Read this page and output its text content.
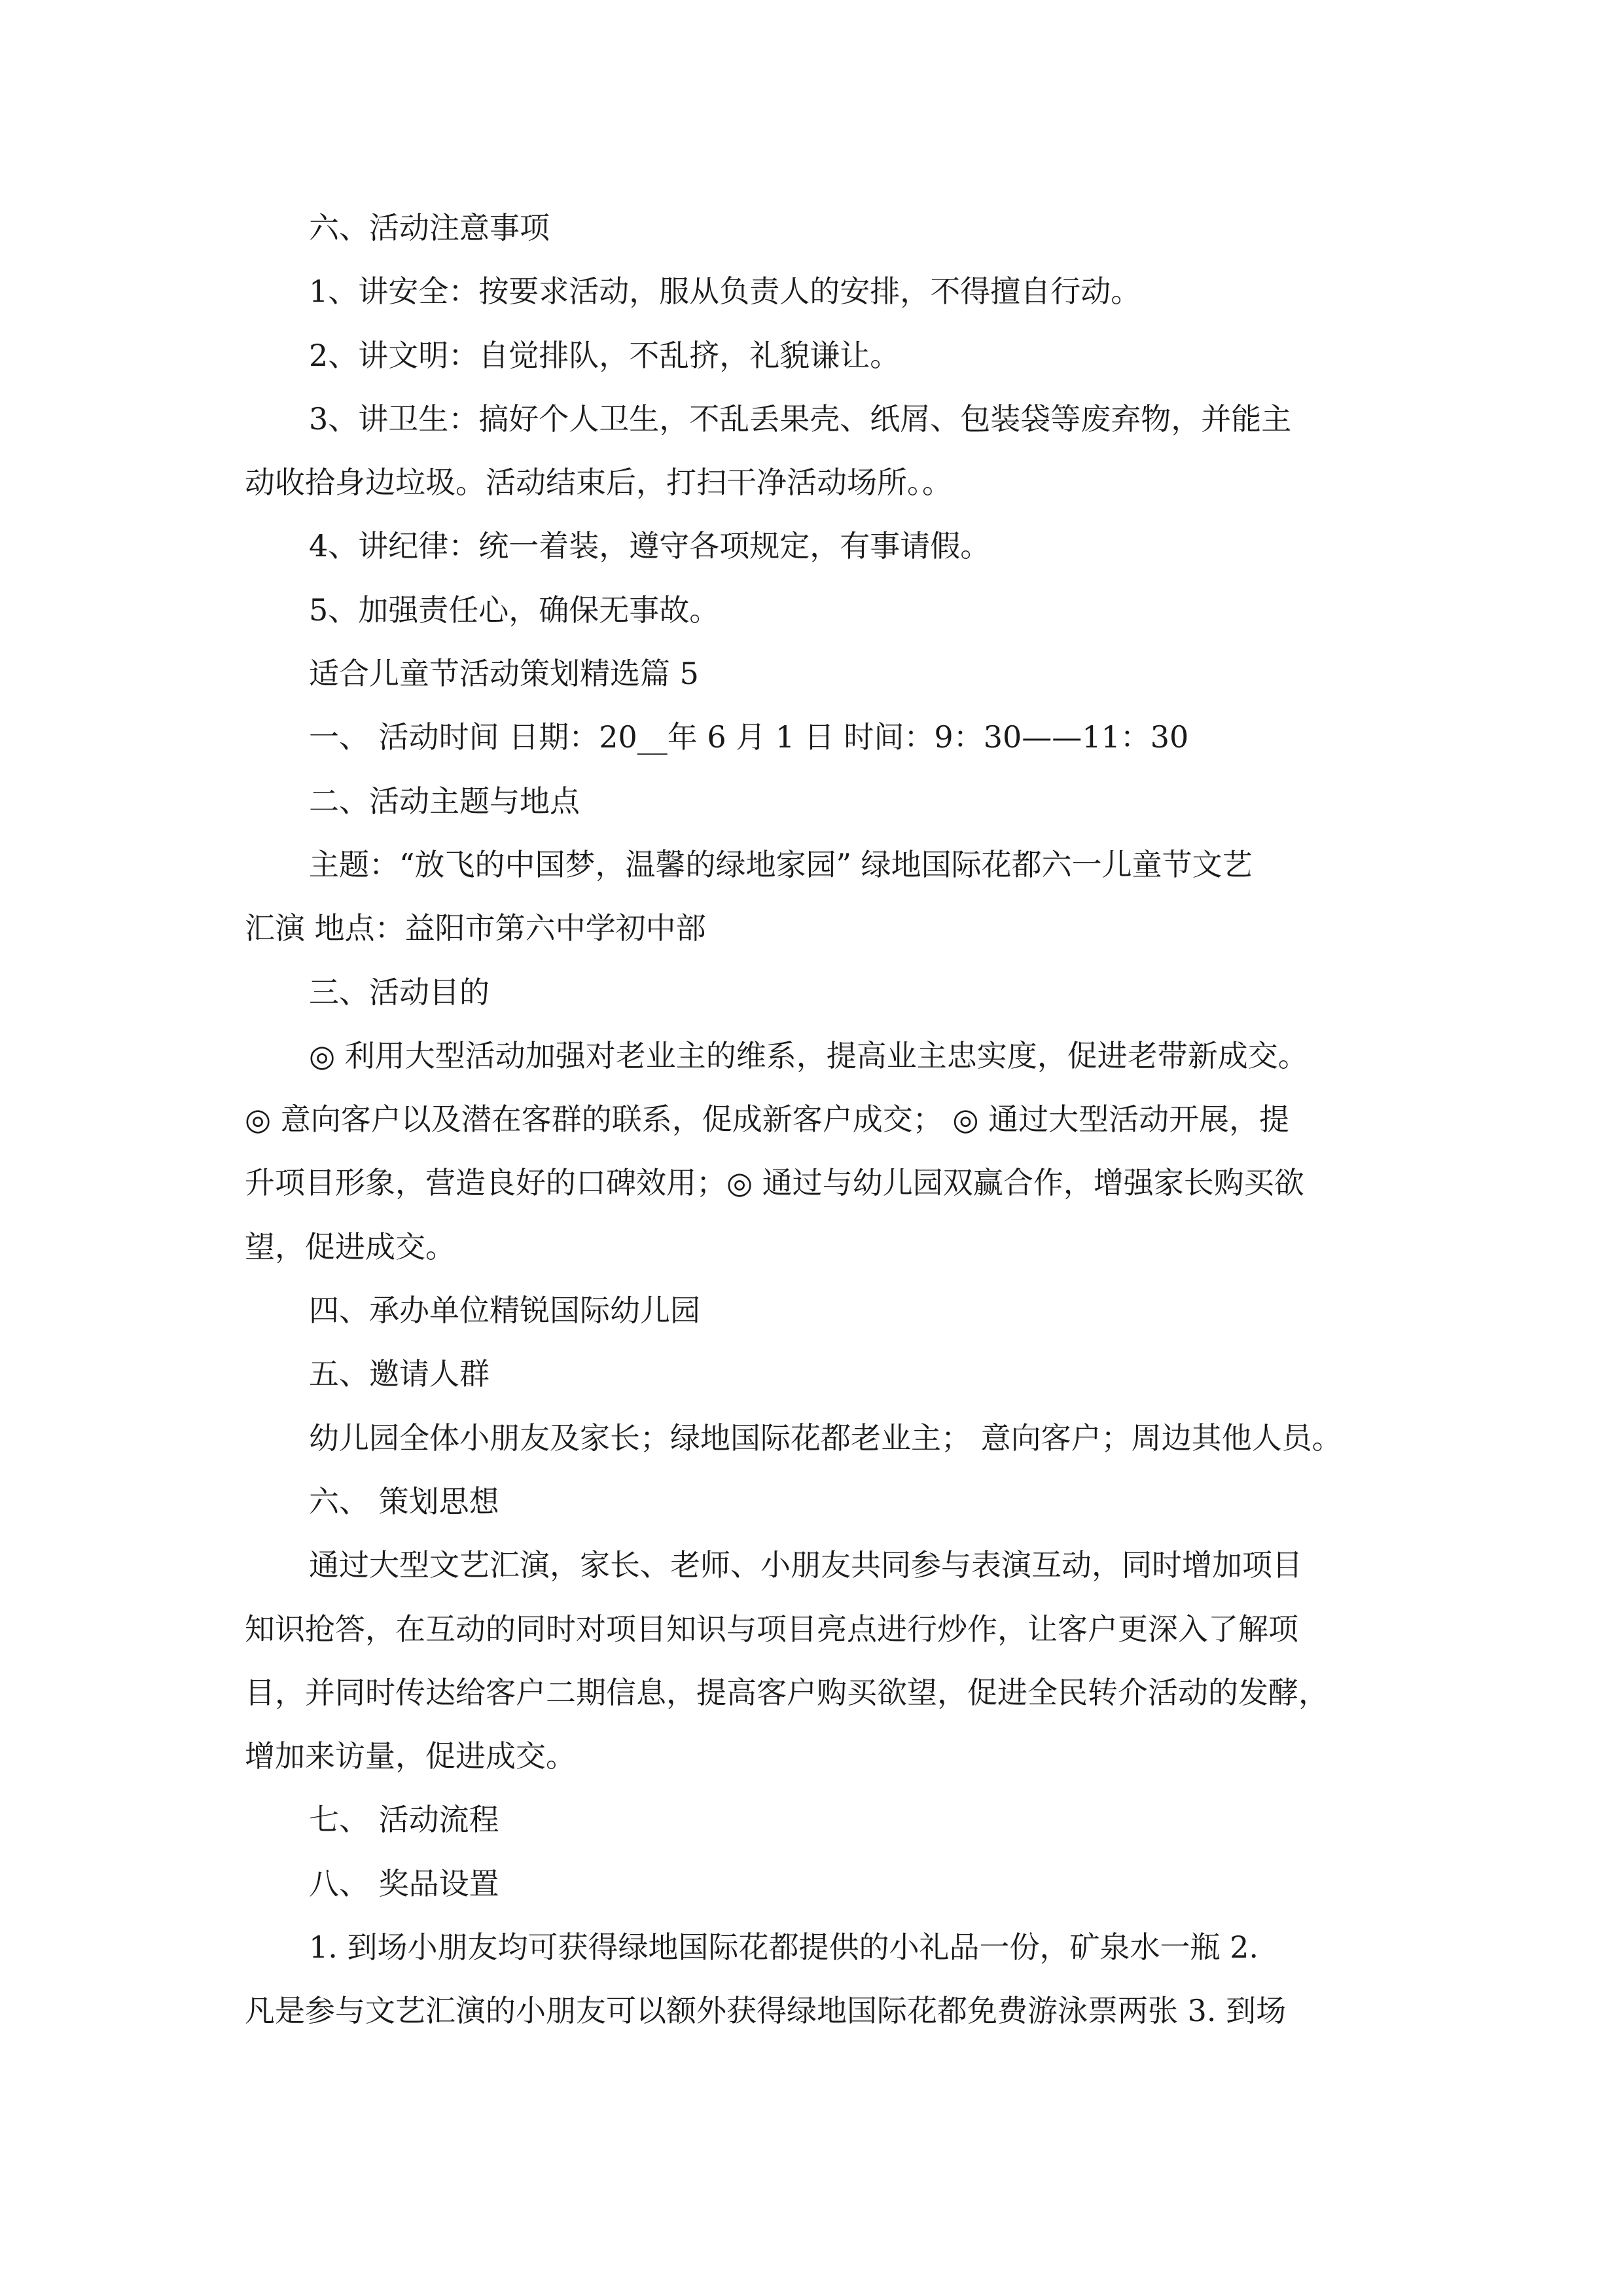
六、活动注意事项
1、讲安全：按要求活动，服从负责人的安排，不得擅自行动。
2、讲文明：自觉排队，不乱挤，礼貌谦让。
3、讲卫生：搞好个人卫生，不乱丢果壳、纸屑、包装袋等废弃物，并能主
动收拾身边垃圾。活动结束后，打扫干净活动场所。。
4、讲纪律：统一着装，遵守各项规定，有事请假。
5、加强责任心，确保无事故。
适合儿童节活动策划精选篇 5
一、 活动时间 日期：20__年 6 月 1 日 时间：9：30——11：30
二、活动主题与地点
主题：“放飞的中国梦，温馨的绿地家园” 绿地国际花都六一儿童节文艺
汇演 地点：益阳市第六中学初中部
三、活动目的
◎ 利用大型活动加强对老业主的维系，提高业主忠实度，促进老带新成交。
◎ 意向客户以及潜在客群的联系，促成新客户成交； ◎ 通过大型活动开展，提
升项目形象，营造良好的口碑效用；◎ 通过与幼儿园双赢合作，增强家长购买欲
望，促进成交。
四、承办单位精锐国际幼儿园
五、邀请人群
幼儿园全体小朋友及家长；绿地国际花都老业主； 意向客户；周边其他人员。
六、 策划思想
通过大型文艺汇演，家长、老师、小朋友共同参与表演互动，同时增加项目
知识抢答，在互动的同时对项目知识与项目亮点进行炒作，让客户更深入了解项
目，并同时传达给客户二期信息，提高客户购买欲望，促进全民转介活动的发酵，
增加来访量，促进成交。
七、 活动流程
八、 奖品设置
1. 到场小朋友均可获得绿地国际花都提供的小礼品一份，矿泉水一瓶 2.
凡是参与文艺汇演的小朋友可以额外获得绿地国际花都免费游泳票两张 3. 到场
